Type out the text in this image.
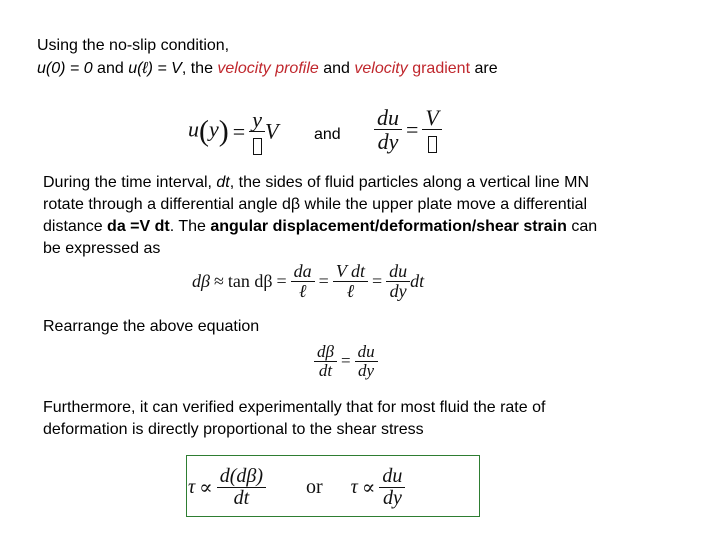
Using the no-slip condition,
u(0) = 0 and u(ℓ) = V, the velocity profile and velocity gradient are
u(y) = y V and $\frac{du}{dy} = V$
During the time interval, dt, the sides of fluid particles along a vertical line MN
rotate through a differential angle dβ while the upper plate move a differential
distance da =V dt. The angular displacement/deformation/shear strain can
be expressed as
$d\beta \approx \tan d\beta = \frac{da}{\text{ℓ}} = \frac{\text{V dt}}{\text{ℓ}} = \frac{du}{dy}$ dt
Rearrange the above equation
$\frac{d\beta}{dt} = \frac{du}{dy}$
Furthermore, it can verified experimentally that for most fluid the rate of
deformation is directly proportional to the shear stress
$\tau \propto \frac{d(d\beta)}{dt}$ or $\tau \propto \frac{du}{dy}$
